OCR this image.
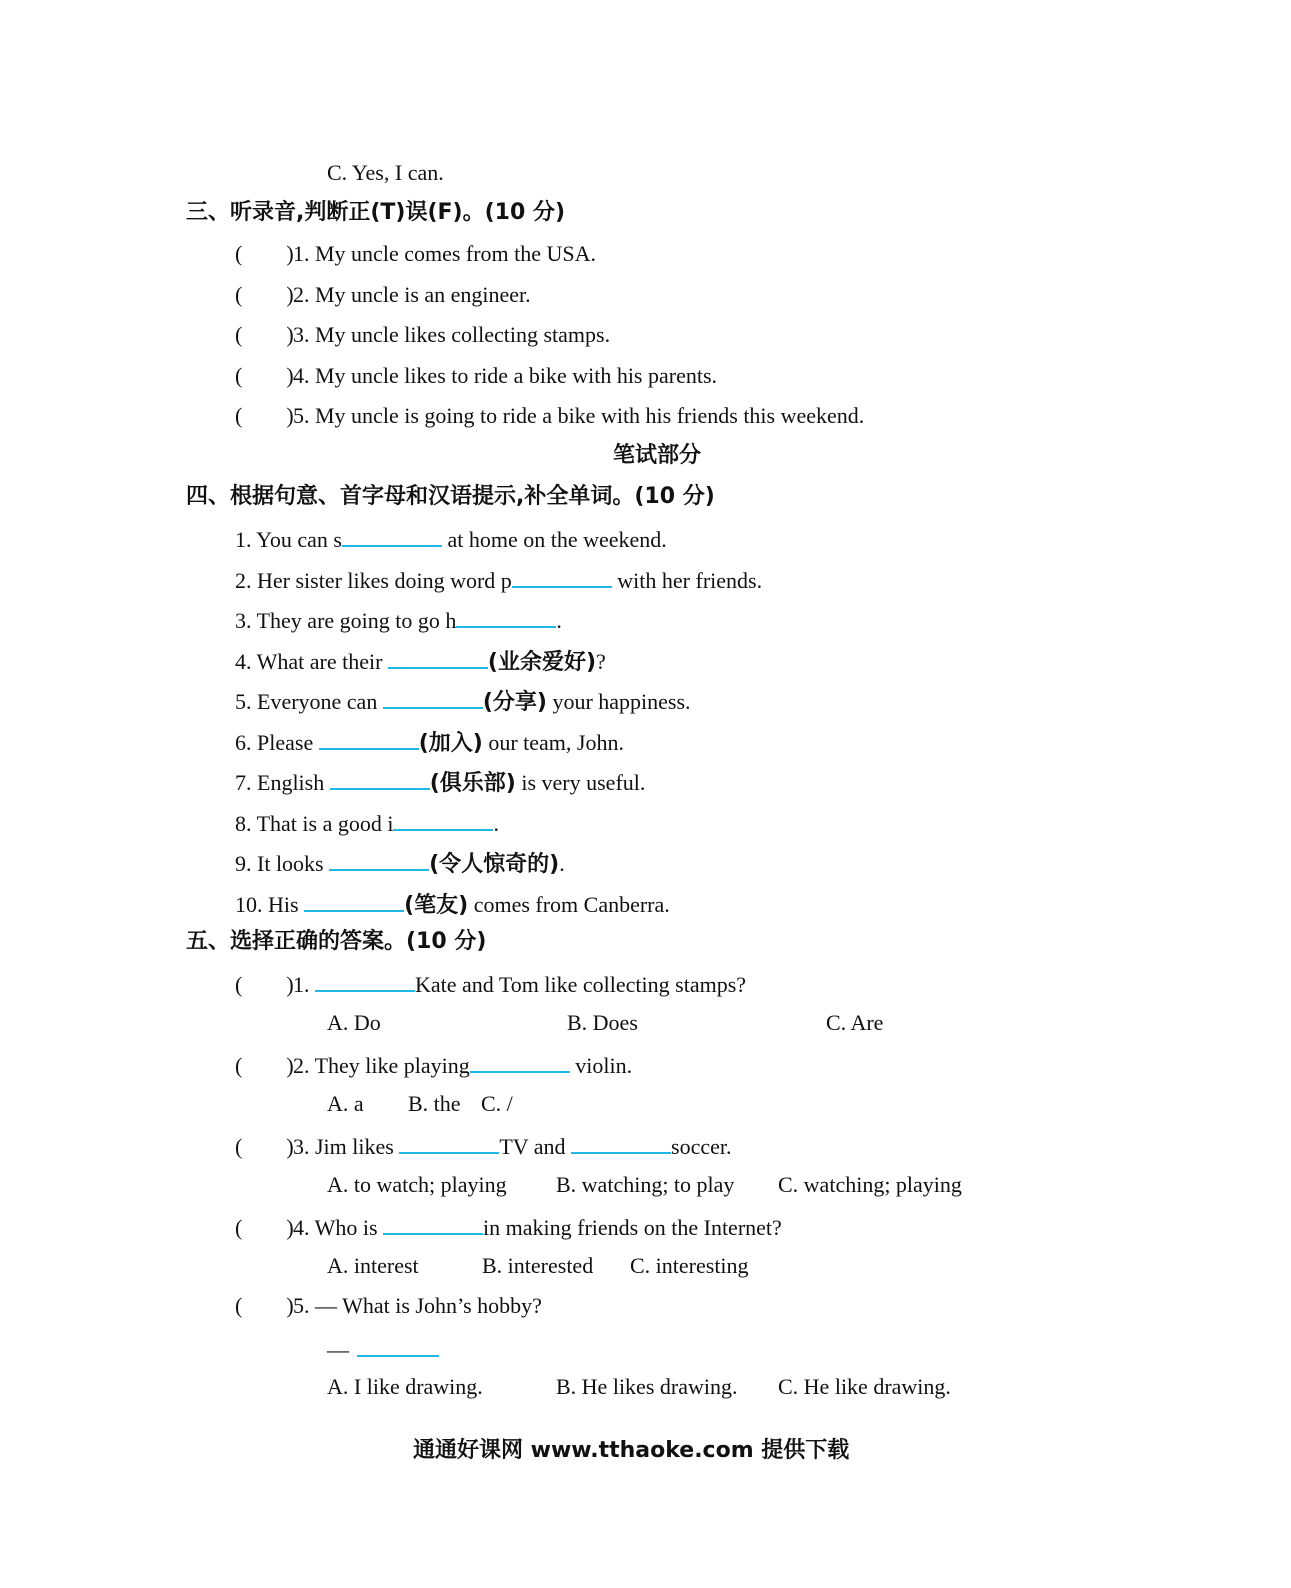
C. Yes, I can.
三、听录音,判断正(T)误(F)。(10 分)
(        )1. My uncle comes from the USA.
(        )2. My uncle is an engineer.
(        )3. My uncle likes collecting stamps.
(        )4. My uncle likes to ride a bike with his parents.
(        )5. My uncle is going to ride a bike with his friends this weekend.
笔试部分
四、根据句意、首字母和汉语提示,补全单词。(10 分)
1. You can s	at home on the weekend.
2. Her sister likes doing word p	with her friends.
3. They are going to go h	.
4. What are their	(业余爱好)?
5. Everyone can	(分享) your happiness.
6. Please	(加入) our team, John.
7. English	(俱乐部) is very useful.
8. That is a good i	.
9. It looks	(令人惊奇的).
10. His	(笔友) comes from Canberra.
五、选择正确的答案。(10 分)
(        )1.	Kate and Tom like collecting stamps?
A. Do	B. Does	C. Are
(        )2. They like playing	violin.
A. a B. the C. /
(        )3. Jim likes	TV and	soccer.
A. to watch; playing B. watching; to play C. watching; playing
(        )4. Who is	in making friends on the Internet?
A. interest	B. interested C. interesting
(        )5. — What is John’s hobby?
—
A. I like drawing.	B. He likes drawing. C. He like drawing.
通通好课网 www.tthaoke.com 提供下载
